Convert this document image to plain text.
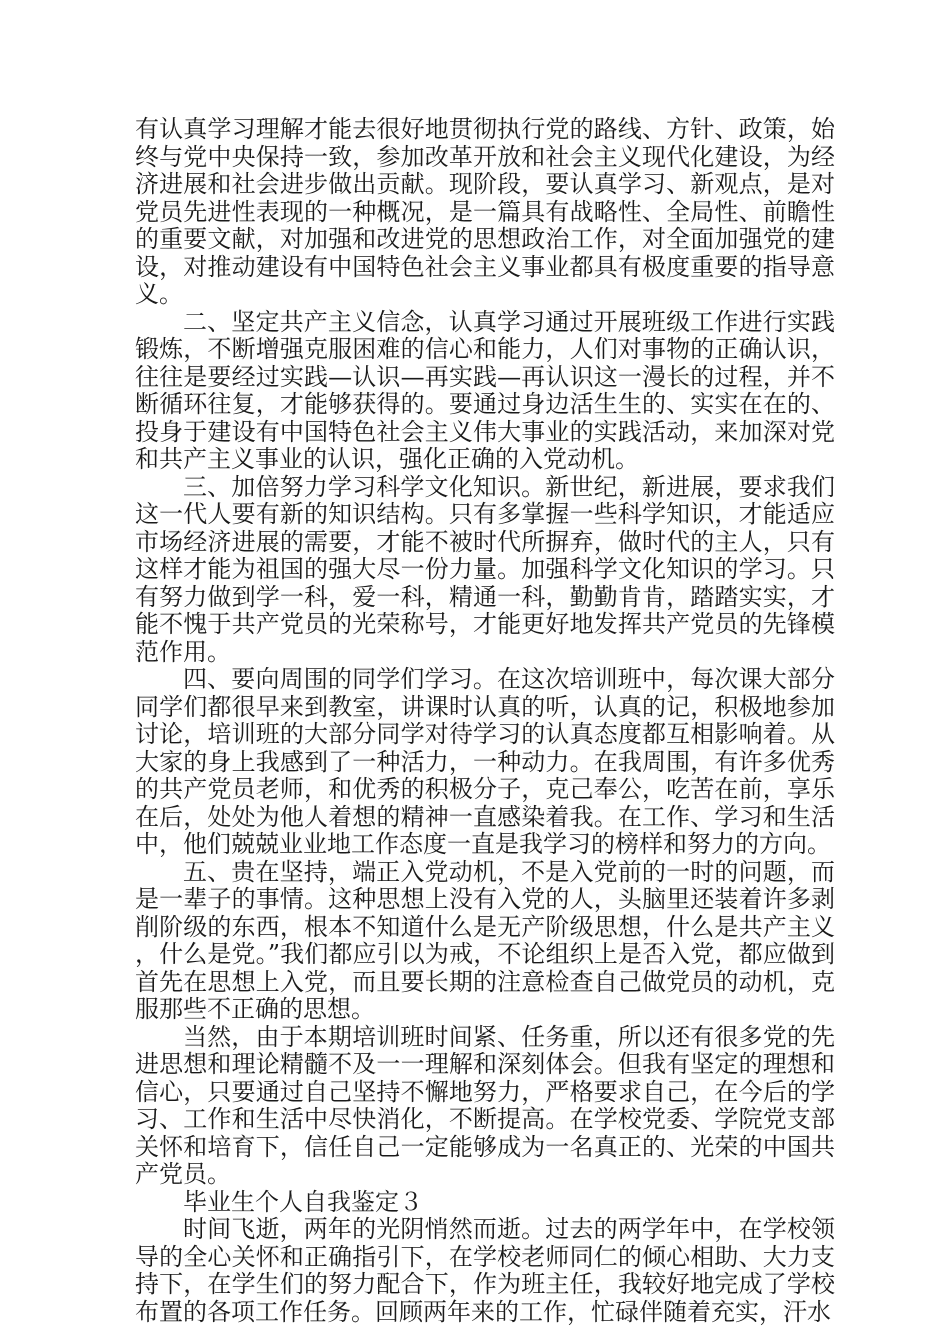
有认真学习理解才能去很好地贯彻执行党的路线、方针、政策，始终与党中央保持一致，参加改革开放和社会主义现代化建设，为经济进展和社会进步做出贡献。现阶段，要认真学习、新观点，是对党员先进性表现的一种概况，是一篇具有战略性、全局性、前瞻性的重要文献，对加强和改进党的思想政治工作，对全面加强党的建设，对推动建设有中国特色社会主义事业都具有极度重要的指导意义。

二、坚定共产主义信念，认真学习通过开展班级工作进行实践锻炼，不断增强克服困难的信心和能力，人们对事物的正确认识，往往是要经过实践—认识—再实践—再认识这一漫长的过程，并不断循环往复，才能够获得的。要通过身边活生生的、实实在在的、投身于建设有中国特色社会主义伟大事业的实践活动，来加深对党和共产主义事业的认识，强化正确的入党动机。

三、加倍努力学习科学文化知识。新世纪，新进展，要求我们这一代人要有新的知识结构。只有多掌握一些科学知识，才能适应市场经济进展的需要，才能不被时代所摒弃，做时代的主人，只有这样才能为祖国的强大尽一份力量。加强科学文化知识的学习。只有努力做到学一科，爱一科，精通一科，勤勤肯肯，踏踏实实，才能不愧于共产党员的光荣称号，才能更好地发挥共产党员的先锋模范作用。

四、要向周围的同学们学习。在这次培训班中，每次课大部分同学们都很早来到教室，讲课时认真的听，认真的记，积极地参加讨论，培训班的大部分同学对待学习的认真态度都互相影响着。从大家的身上我感到了一种活力，一种动力。在我周围，有许多优秀的共产党员老师，和优秀的积极分子，克己奉公，吃苦在前，享乐在后，处处为他人着想的精神一直感染着我。在工作、学习和生活中，他们兢兢业业地工作态度一直是我学习的榜样和努力的方向。

五、贵在坚持，端正入党动机，不是入党前的一时的问题，而是一辈子的事情。这种思想上没有入党的人，头脑里还装着许多剥削阶级的东西，根本不知道什么是无产阶级思想，什么是共产主义，什么是党。”我们都应引以为戒，不论组织上是否入党，都应做到首先在思想上入党，而且要长期的注意检查自己做党员的动机，克服那些不正确的思想。

当然，由于本期培训班时间紧、任务重，所以还有很多党的先进思想和理论精髓不及一一理解和深刻体会。但我有坚定的理想和信心，只要通过自己坚持不懈地努力，严格要求自己，在今后的学习、工作和生活中尽快消化，不断提高。在学校党委、学院党支部关怀和培育下，信任自己一定能够成为一名真正的、光荣的中国共产党员。

毕业生个人自我鉴定３

时间飞逝，两年的光阴悄然而逝。过去的两学年中，在学校领导的全心关怀和正确指引下，在学校老师同仁的倾心相助、大力支持下，在学生们的努力配合下，作为班主任，我较好地完成了学校布置的各项工作任务。回顾两年来的工作，忙碌伴随着充实，汗水
